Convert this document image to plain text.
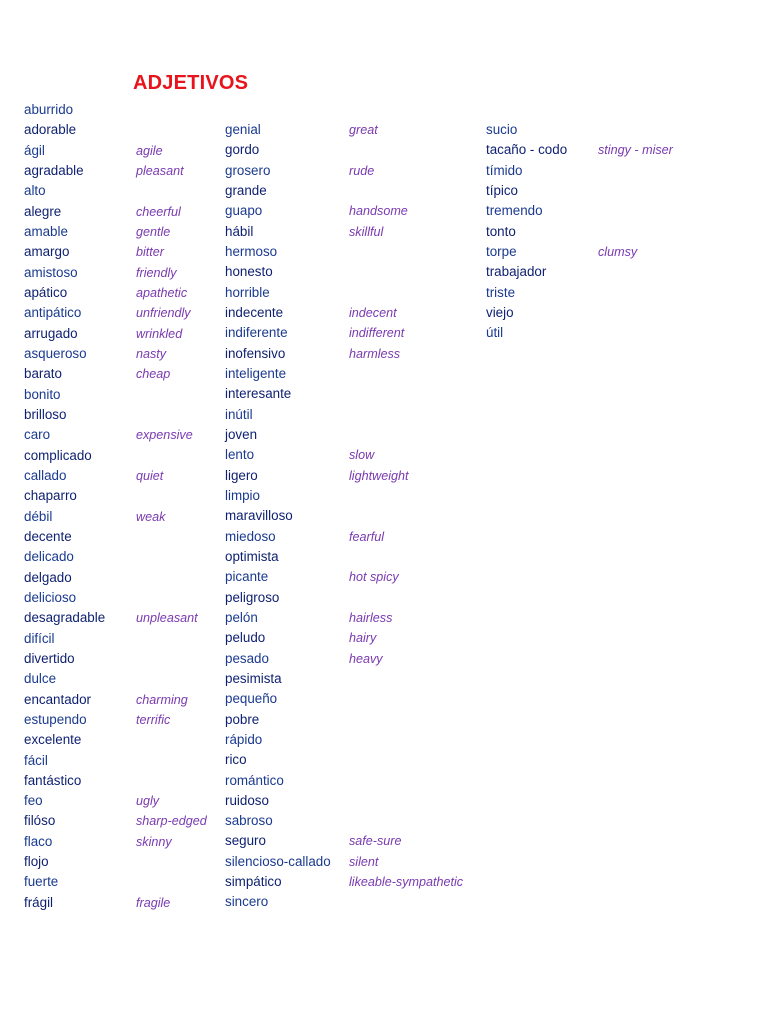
ADJETIVOS
aburrido
adorable
ágil
agradable
alto
alegre
amable
amargo
amistoso
apático
antipático
arrugado
asqueroso
barato
bonito
brilloso
caro
complicado
callado
chaparro
débil
decente
delicado
delgado
delicioso
desagradable
difícil
divertido
dulce
encantador
estupendo
excelente
fácil
fantástico
feo
filóso
flaco
flojo
fuerte
frágil
agile
pleasant
cheerful
gentle
bitter
friendly
apathetic
unfriendly
wrinkled
nasty
cheap
expensive
quiet
weak
unpleasant
charming
terrific
ugly
sharp-edged
skinny
fragile
genial
gordo
grosero
grande
guapo
hábil
hermoso
honesto
horrible
indecente
indiferente
inofensivo
inteligente
interesante
inútil
joven
lento
ligero
limpio
maravilloso
miedoso
optimista
picante
peligroso
pelón
peludo
pesado
pesimista
pequeño
pobre
rápido
rico
romántico
ruidoso
sabroso
seguro
silencioso-callado
simpático
sincero
great
rude
handsome
skillful
indecent
indifferent
harmless
slow
lightweight
fearful
hot spicy
hairless
hairy
heavy
safe-sure
silent
likeable-sympathetic
sucio
tacaño - codo
tímido
típico
tremendo
tonto
torpe
trabajador
triste
viejo
útil
stingy - miser
clumsy
